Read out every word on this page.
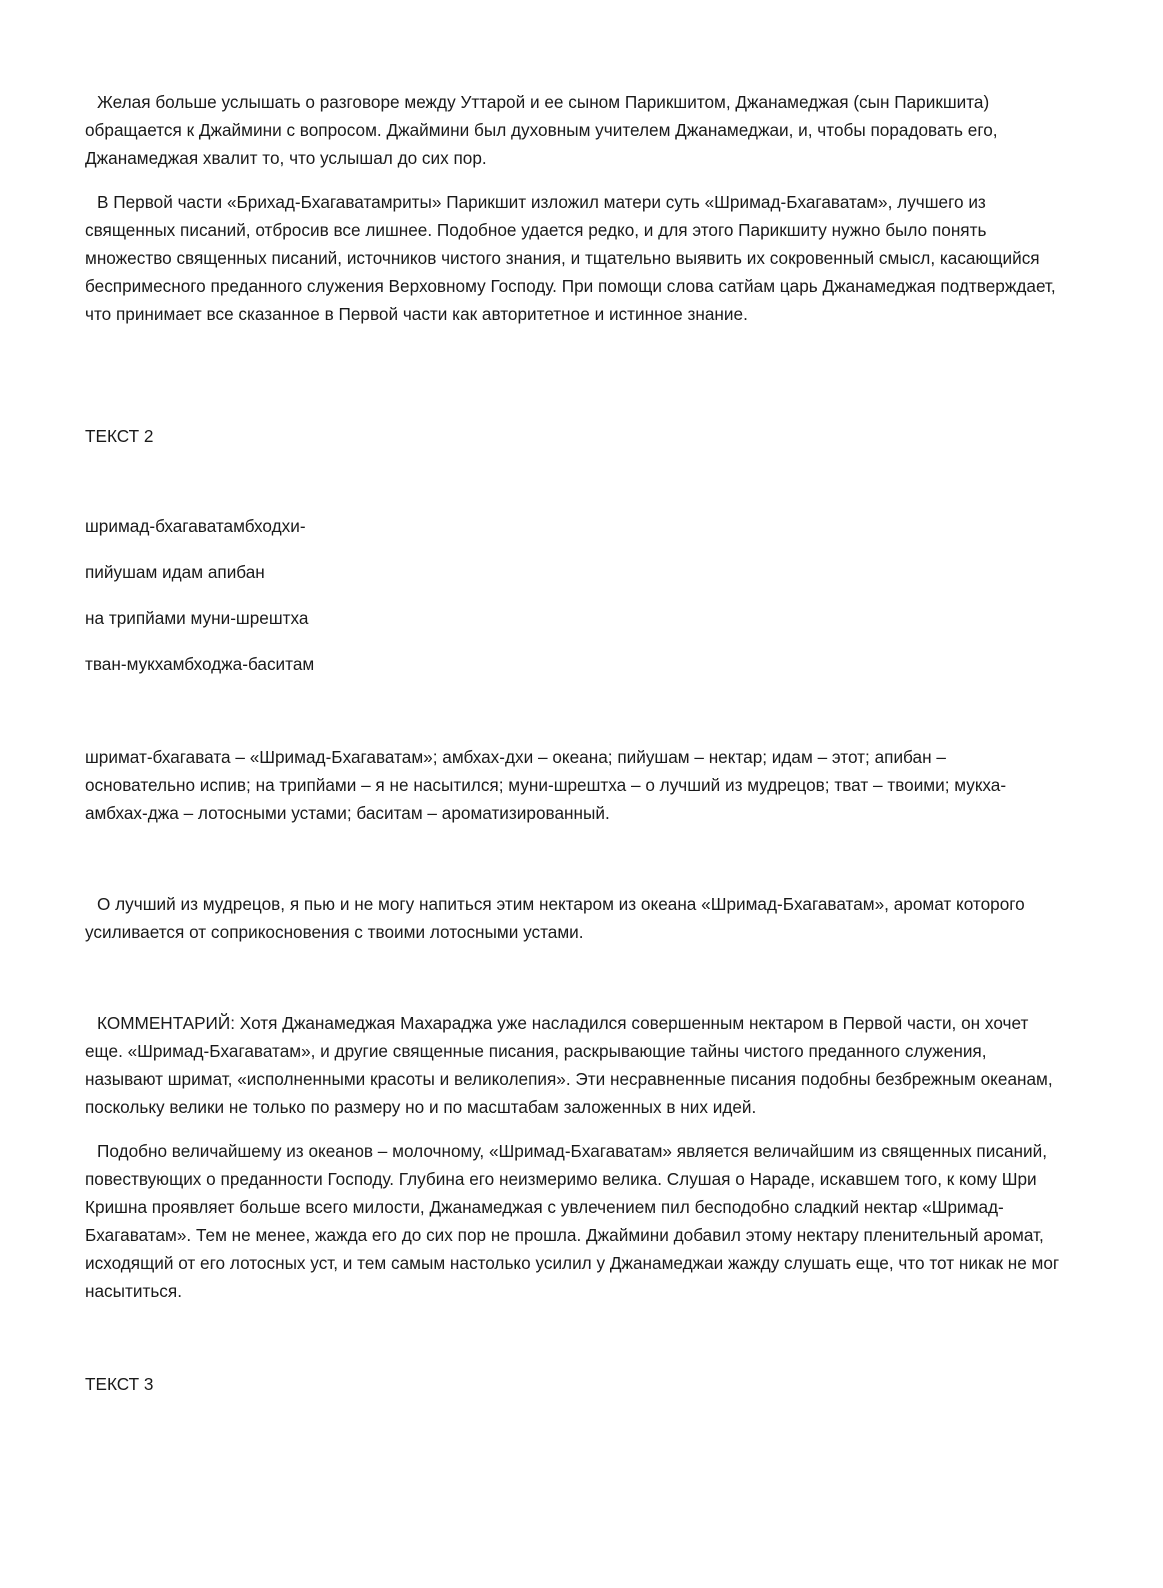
Желая больше услышать о разговоре между Уттарой и ее сыном Парикшитом, Джанамеджая (сын Парикшита) обращается к Джаймини с вопросом. Джаймини был духовным учителем Джанамеджаи, и, чтобы порадовать его, Джанамеджая хвалит то, что услышал до сих пор.

В Первой части «Брихад-Бхагаватамриты» Парикшит изложил матери суть «Шримад-Бхагаватам», лучшего из священных писаний, отбросив все лишнее. Подобное удается редко, и для этого Парикшиту нужно было понять множество священных писаний, источников чистого знания, и тщательно выявить их сокровенный смысл, касающийся беспримесного преданного служения Верховному Господу. При помощи слова сатйам царь Джанамеджая подтверждает, что принимает все сказанное в Первой части как авторитетное и истинное знание.

ТЕКСТ 2

шримад-бхагаватамбходхи-

пийушам идам апибан

на трипйами муни-шрештха

тван-мукхамбходжа-баситам

шримат-бхагавата – «Шримад-Бхагаватам»; амбхах-дхи – океана; пийушам – нектар; идам – этот; апибан – основательно испив; на трипйами – я не насытился; муни-шрештха – о лучший из мудрецов; тват – твоими; мукха-амбхах-джа – лотосными устами; баситам – ароматизированный.

О лучший из мудрецов, я пью и не могу напиться этим нектаром из океана «Шримад-Бхагаватам», аромат которого усиливается от соприкосновения с твоими лотосными устами.

КОММЕНТАРИЙ: Хотя Джанамеджая Махараджа уже насладился совершенным нектаром в Первой части, он хочет еще. «Шримад-Бхагаватам», и другие священные писания, раскрывающие тайны чистого преданного служения, называют шримат, «исполненными красоты и великолепия». Эти несравненные писания подобны безбрежным океанам, поскольку велики не только по размеру но и по масштабам заложенных в них идей.

Подобно величайшему из океанов – молочному, «Шримад-Бхагаватам» является величайшим из священных писаний, повествующих о преданности Господу. Глубина его неизмеримо велика. Слушая о Нараде, искавшем того, к кому Шри Кришна проявляет больше всего милости, Джанамеджая с увлечением пил бесподобно сладкий нектар «Шримад-Бхагаватам». Тем не менее, жажда его до сих пор не прошла. Джаймини добавил этому нектару пленительный аромат, исходящий от его лотосных уст, и тем самым настолько усилил у Джанамеджаи жажду слушать еще, что тот никак не мог насытиться.

ТЕКСТ 3
